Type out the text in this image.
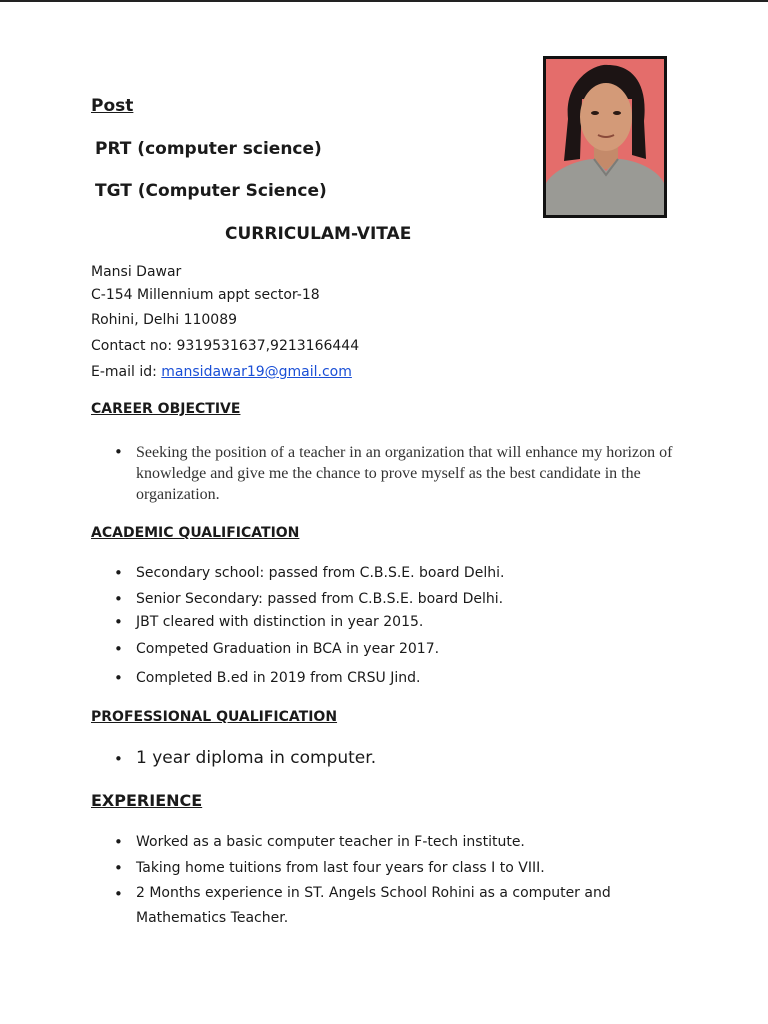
Post
PRT (computer science)
TGT (Computer Science)
CURRICULAM-VITAE
Mansi Dawar
C-154 Millennium appt sector-18
Rohini, Delhi 110089
Contact no: 9319531637,9213166444
E-mail id: mansidawar19@gmail.com
CAREER OBJECTIVE
• Seeking the position of a teacher in an organization that will enhance my horizon of knowledge and give me the chance to prove myself as the best candidate in the organization.
ACADEMIC QUALIFICATION
• Secondary school: passed from C.B.S.E. board Delhi.
• Senior Secondary: passed from C.B.S.E. board Delhi.
• JBT cleared with distinction in year 2015.
• Competed Graduation in BCA in year 2017.
• Completed B.ed in 2019 from CRSU Jind.
PROFESSIONAL QUALIFICATION
• 1 year diploma in computer.
EXPERIENCE
• Worked as a basic computer teacher in F-tech institute.
• Taking home tuitions from last four years for class I to VIII.
• 2 Months experience in ST. Angels School Rohini as a computer and Mathematics Teacher.
